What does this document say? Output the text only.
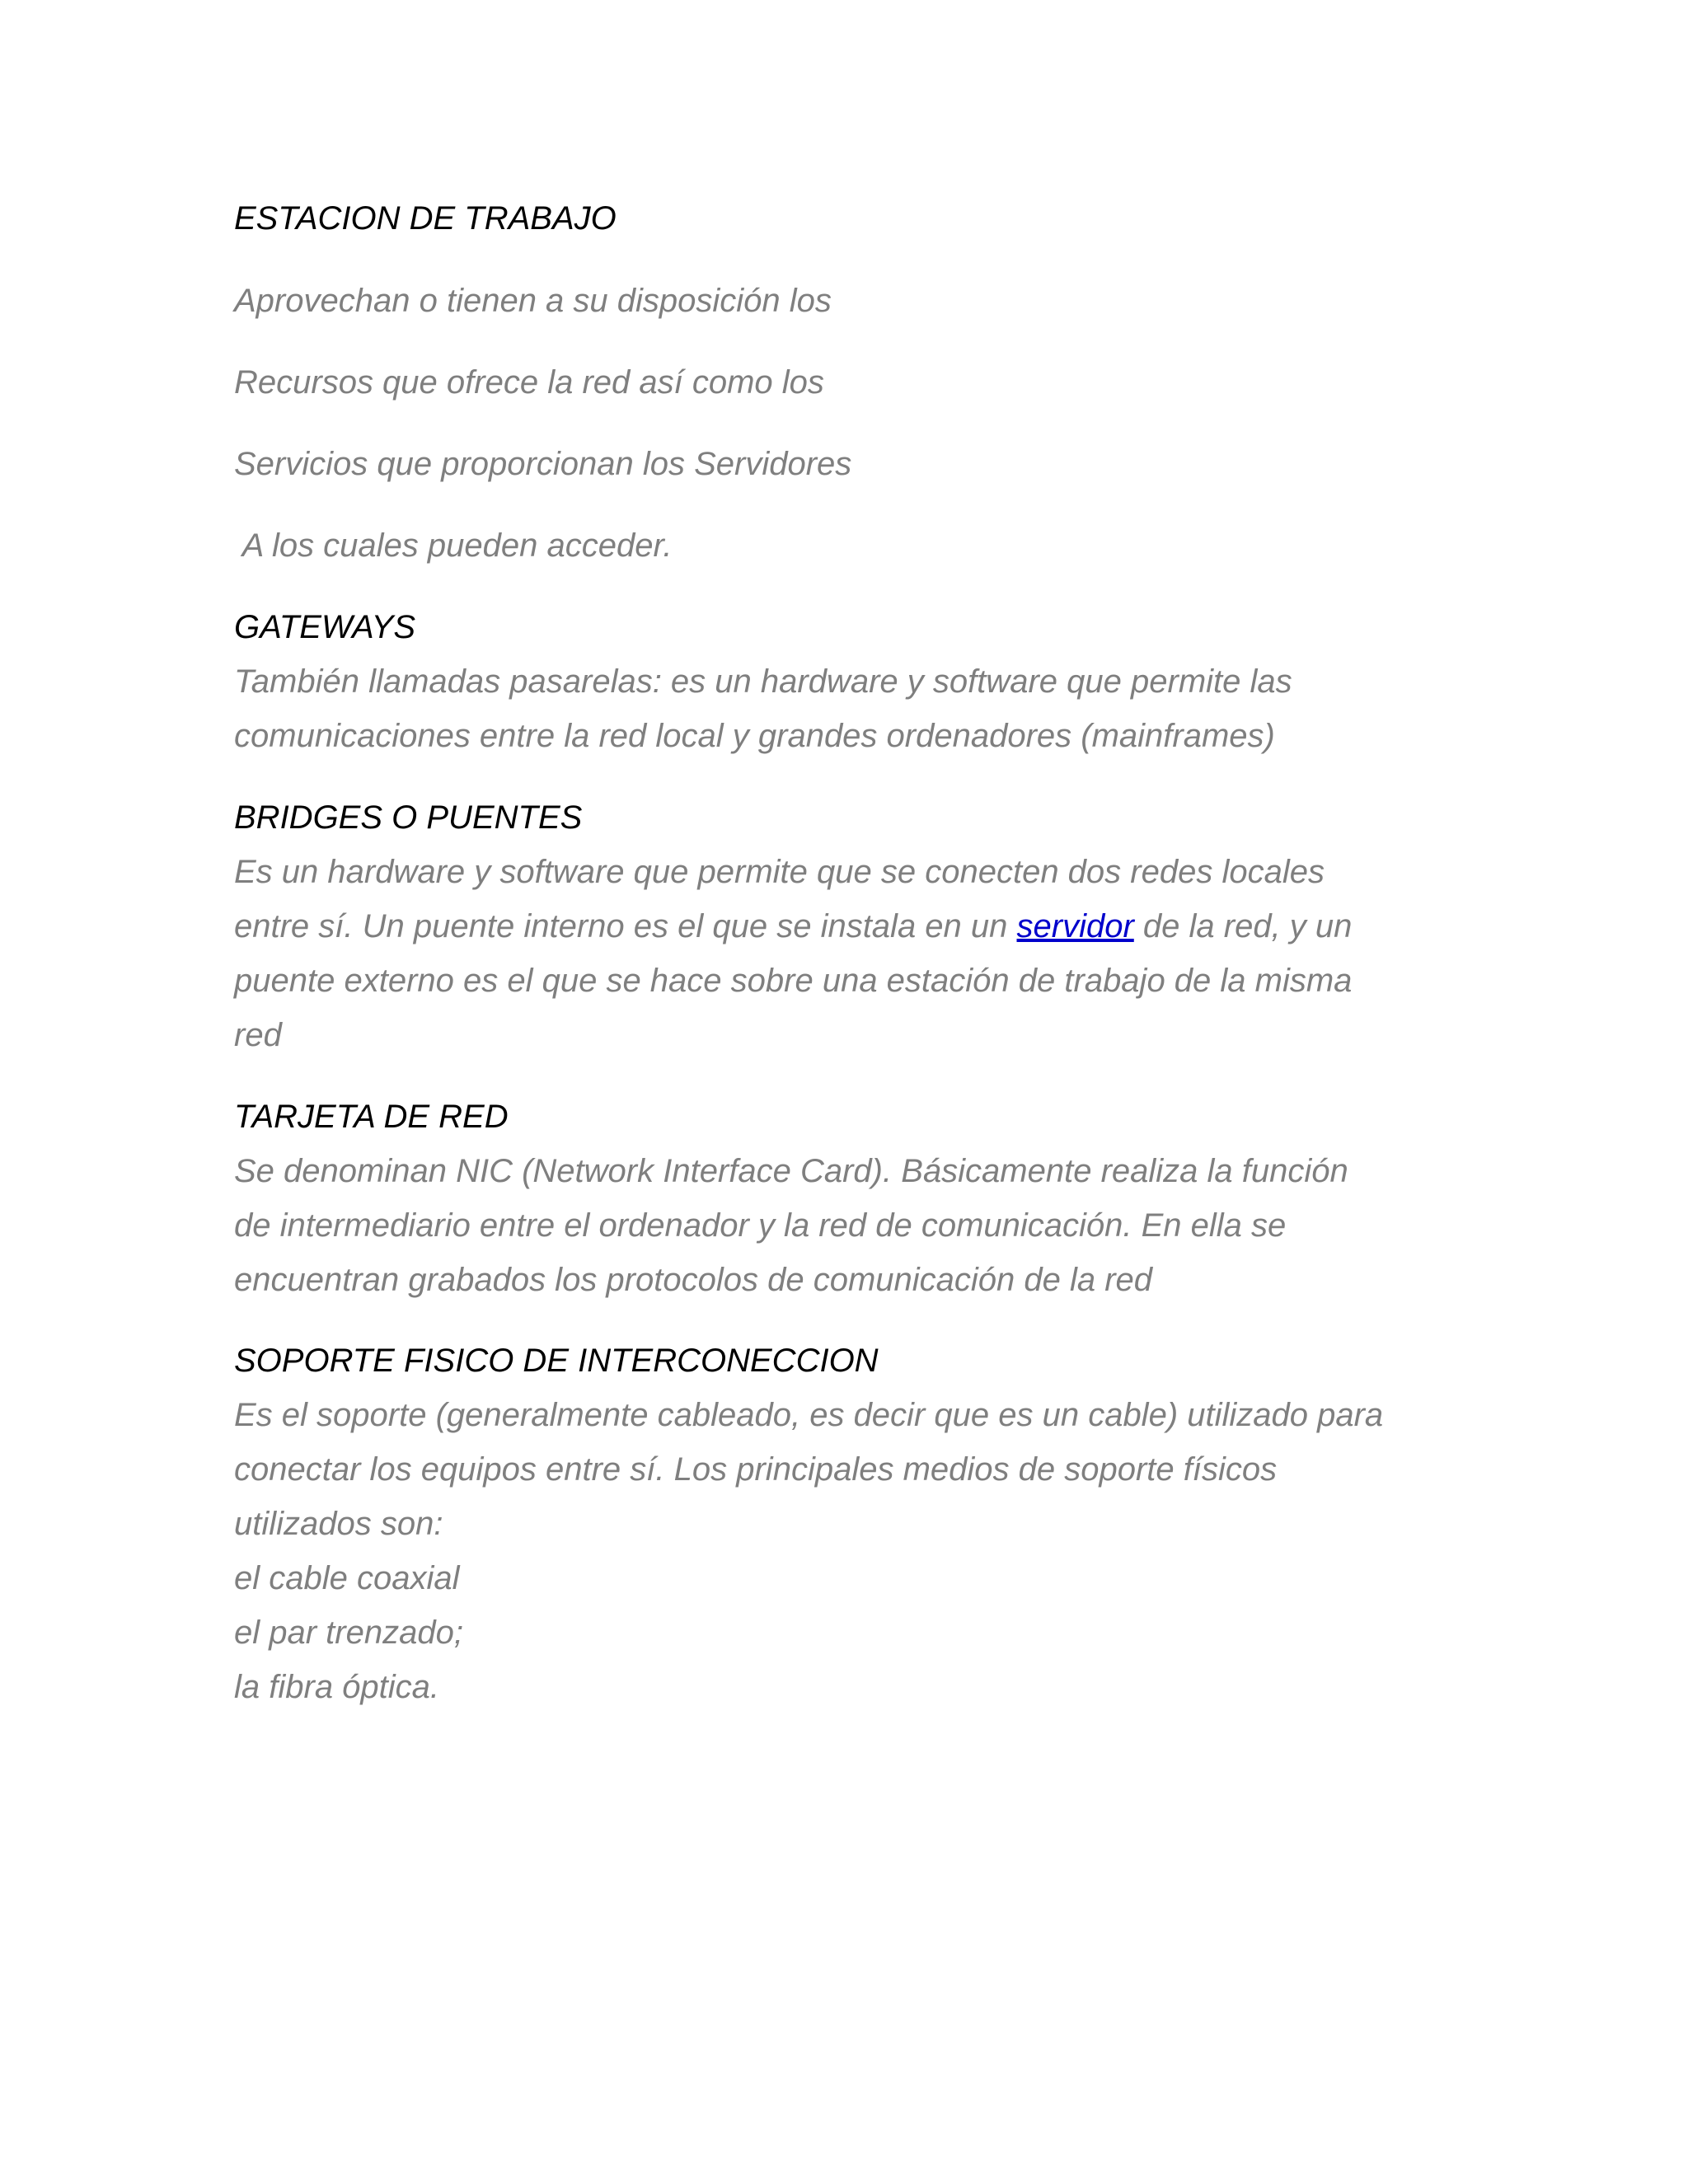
ESTACION DE TRABAJO
Aprovechan o tienen a su disposición los
Recursos que ofrece la red así como los
Servicios que proporcionan los Servidores
A los cuales pueden acceder.
GATEWAYS
También llamadas pasarelas: es un hardware y software que permite las
comunicaciones entre la red local y grandes ordenadores (mainframes)
BRIDGES O PUENTES
Es un hardware y software que permite que se conecten dos redes locales
entre sí. Un puente interno es el que se instala en un servidor de la red, y un
puente externo es el que se hace sobre una estación de trabajo de la misma
red
TARJETA DE RED
Se denominan NIC (Network Interface Card). Básicamente realiza la función
de intermediario entre el ordenador y la red de comunicación. En ella se
encuentran grabados los protocolos de comunicación de la red
SOPORTE FISICO DE INTERCONECCION
Es el soporte (generalmente cableado, es decir que es un cable) utilizado para
conectar los equipos entre sí. Los principales medios de soporte físicos
utilizados son:
el cable coaxial
el par trenzado;
la fibra óptica.
